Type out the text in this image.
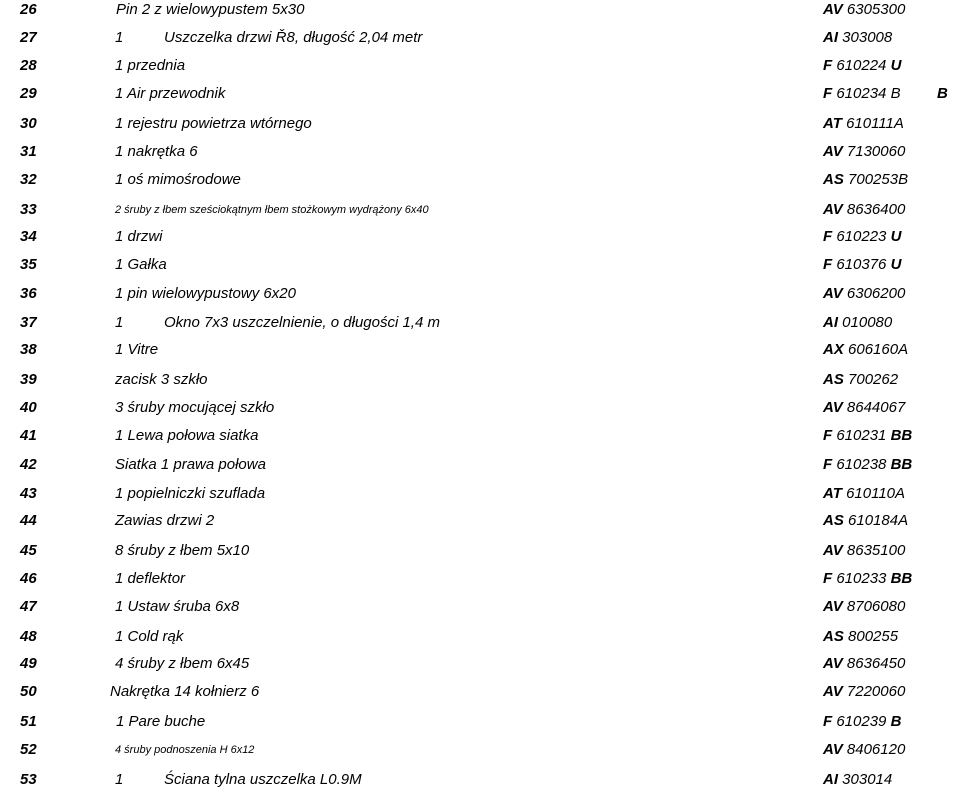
26	Pin 2 z wielowypustem 5x30	AV 6305300
27	1	Uszczelka drzwi Ř8, długość 2,04 metr	AI 303008
28	1 przednia	F 610224 U
29	1 Air przewodnik	F 610234 B B
30	1 rejestru powietrza wtórnego	AT 610111A
31	1 nakrętka 6	AV 7130060
32	1 oś mimośrodowe	AS 700253B
33	2 śruby z łbem sześciokątnym łbem stożkowym wydrążony 6x40	AV 8636400
34	1 drzwi	F 610223 U
35	1 Gałka	F 610376 U
36	1 pin wielowypustowy 6x20	AV 6306200
37	1	Okno 7x3 uszczelnienie, o długości 1,4 m	AI 010080
38	1 Vitre	AX 606160A
39	zacisk 3 szkło	AS 700262
40	3 śruby mocującej szkło	AV 8644067
41	1 Lewa połowa siatka	F 610231 BB
42	Siatka 1 prawa połowa	F 610238 BB
43	1 popielniczki szuflada	AT 610110A
44	Zawias drzwi 2	AS 610184A
45	8 śruby z łbem 5x10	AV 8635100
46	1 deflektor	F 610233 BB
47	1 Ustaw śruba 6x8	AV 8706080
48	1 Cold rąk	AS 800255
49	4 śruby z łbem 6x45	AV 8636450
50	Nakrętka 14 kołnierz 6	AV 7220060
51	1 Pare buche	F 610239 B
52	4 śruby podnoszenia H 6x12	AV 8406120
53	1	Ściana tylna uszczelka L0.9M	AI 303014
